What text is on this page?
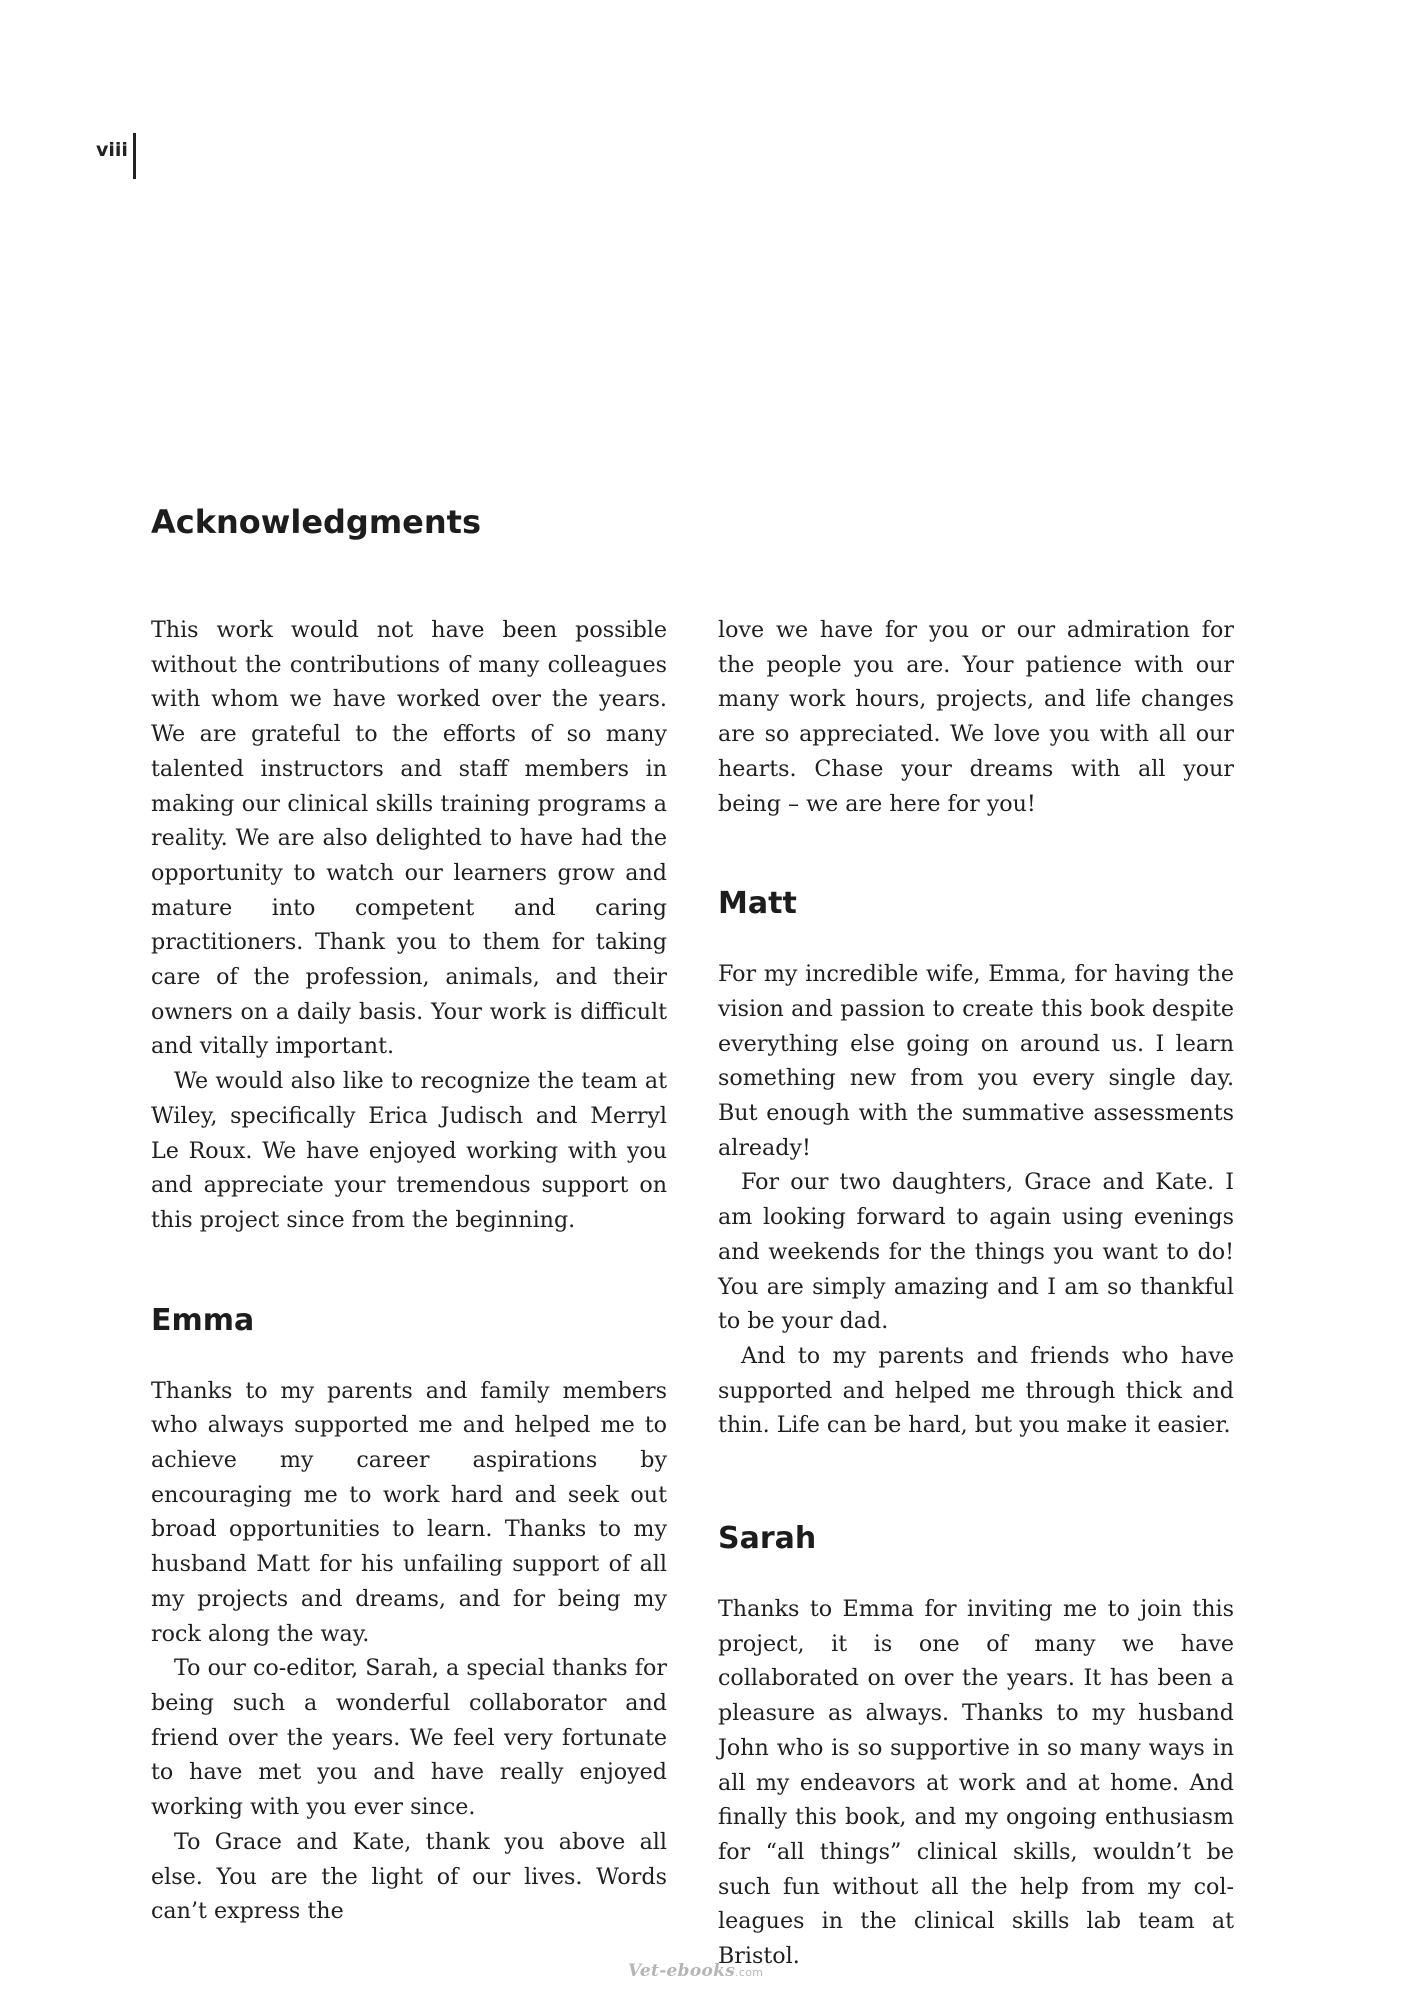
viii
Acknowledgments

This work would not have been possible without the contributions of many colleagues with whom we have worked over the years. We are grateful to the efforts of so many talented instructors and staff members in making our clinical skills training programs a reality. We are also delighted to have had the opportunity to watch our learners grow and mature into competent and caring practitioners. Thank you to them for taking care of the profession, animals, and their owners on a daily basis. Your work is difficult and vitally important.

We would also like to recognize the team at Wiley, specifically Erica Judisch and Merryl Le Roux. We have enjoyed working with you and appreciate your tremendous support on this project since from the beginning.

Emma

Thanks to my parents and family members who always supported me and helped me to achieve my career aspirations by encouraging me to work hard and seek out broad opportunities to learn. Thanks to my husband Matt for his unfailing support of all my projects and dreams, and for being my rock along the way.

To our co-editor, Sarah, a special thanks for being such a wonderful collaborator and friend over the years. We feel very fortunate to have met you and have really enjoyed working with you ever since.

To Grace and Kate, thank you above all else. You are the light of our lives. Words can’t express the

love we have for you or our admiration for the people you are. Your patience with our many work hours, projects, and life changes are so appreciated. We love you with all our hearts. Chase your dreams with all your being – we are here for you!

Matt

For my incredible wife, Emma, for having the vision and passion to create this book despite everything else going on around us. I learn something new from you every single day. But enough with the summative assessments already!

For our two daughters, Grace and Kate. I am looking forward to again using evenings and weekends for the things you want to do! You are simply amazing and I am so thankful to be your dad.

And to my parents and friends who have supported and helped me through thick and thin. Life can be hard, but you make it easier.

Sarah

Thanks to Emma for inviting me to join this project, it is one of many we have collaborated on over the years. It has been a pleasure as always. Thanks to my husband John who is so supportive in so many ways in all my endeavors at work and at home. And finally this book, and my ongoing enthusiasm for “all things” clinical skills, wouldn’t be such fun without all the help from my colleagues in the clinical skills lab team at Bristol.

Vet-ebooks.com
